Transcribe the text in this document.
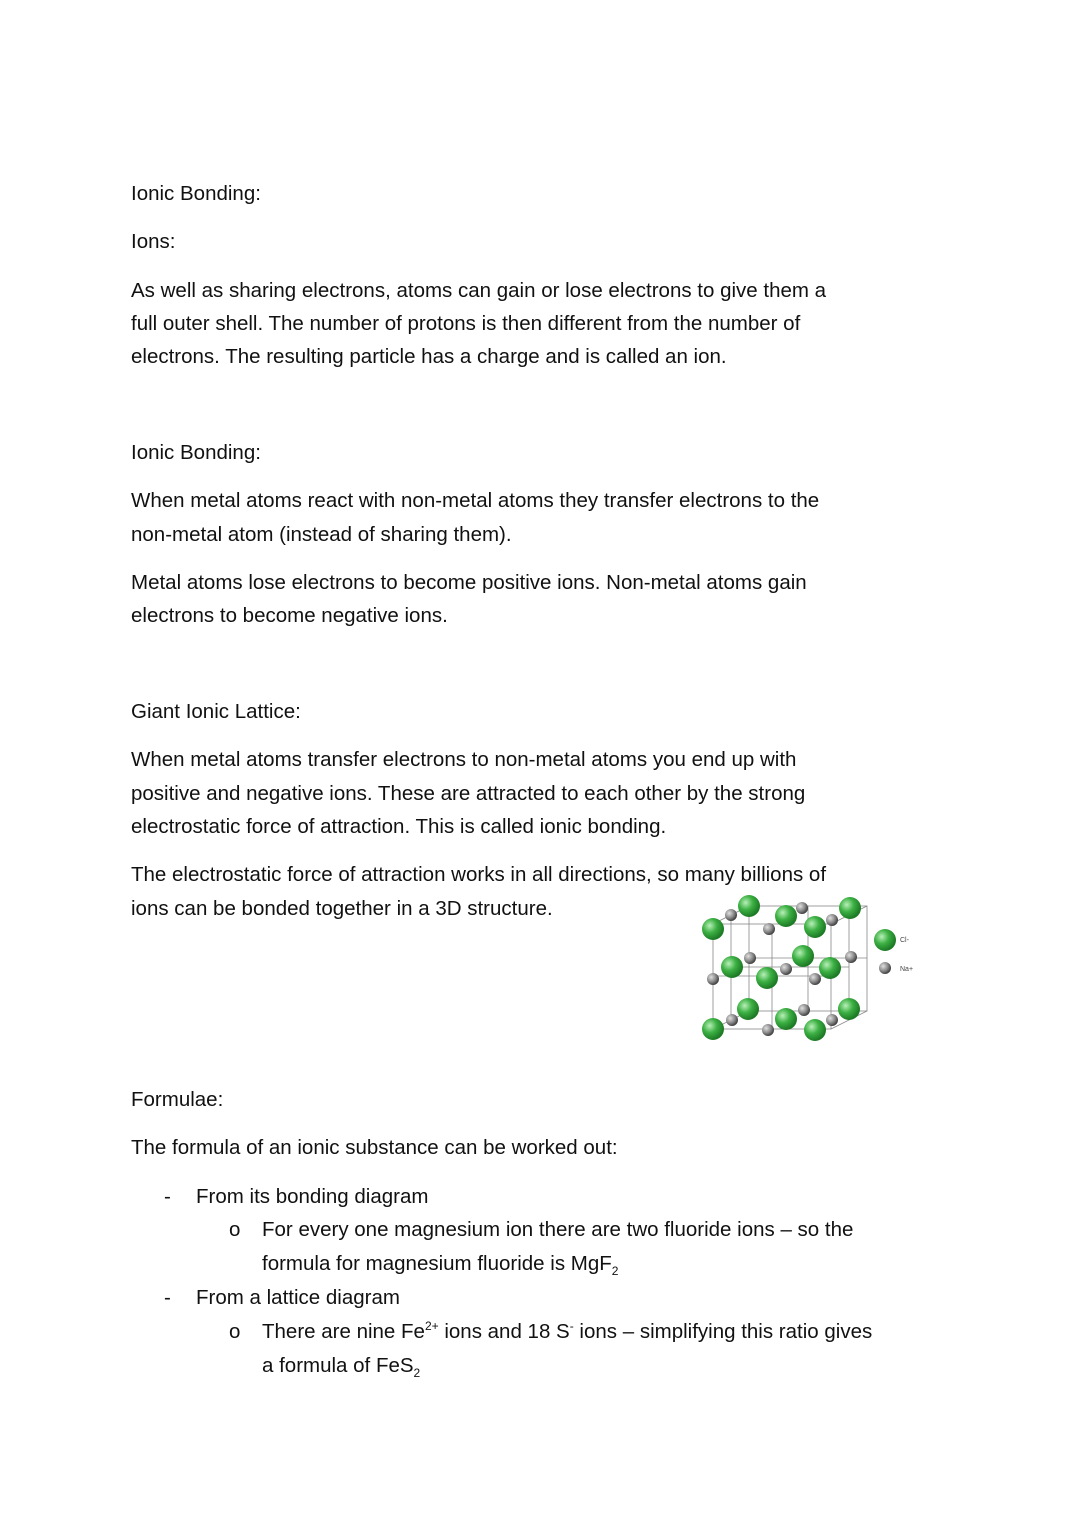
Ionic Bonding:
Ions:
As well as sharing electrons, atoms can gain or lose electrons to give them a
full outer shell. The number of protons is then different from the number of
electrons. The resulting particle has a charge and is called an ion.
Ionic Bonding:
When metal atoms react with non-metal atoms they transfer electrons to the
non-metal atom (instead of sharing them).
Metal atoms lose electrons to become positive ions. Non-metal atoms gain
electrons to become negative ions.
Giant Ionic Lattice:
When metal atoms transfer electrons to non-metal atoms you end up with
positive and negative ions. These are attracted to each other by the strong
electrostatic force of attraction. This is called ionic bonding.
The electrostatic force of attraction works in all directions, so many billions of
ions can be bonded together in a 3D structure.
Cl-
Na+
Formulae:
The formula of an ionic substance can be worked out:
- From its bonding diagram
o For every one magnesium ion there are two fluoride ions – so the
formula for magnesium fluoride is MgF$_2$
- From a lattice diagram
o There are nine $Fe^{2+}$ ions and 18 S- ions – simplifying this ratio gives
a formula of FeS$_2$
